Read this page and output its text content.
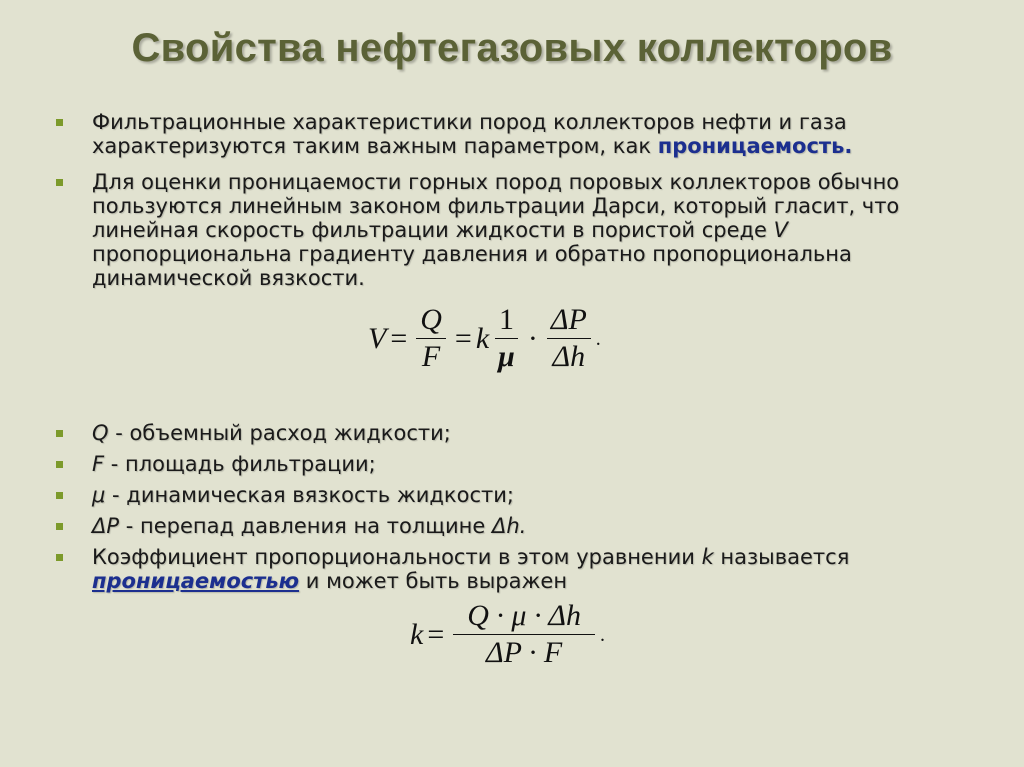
Свойства нефтегазовых коллекторов
Фильтрационные характеристики пород коллекторов нефти и газа характеризуются таким важным параметром, как проницаемость.
Для оценки проницаемости горных пород поровых коллекторов обычно пользуются линейным законом фильтрации Дарси, который гласит, что линейная скорость фильтрации жидкости в пористой среде V пропорциональна градиенту давления и обратно пропорциональна динамической вязкости.
$V = \frac{Q}{F} = k \frac{1}{\mu} \cdot \frac{\Delta P}{\Delta h}$ .
Q - объемный расход жидкости;
F - площадь фильтрации;
μ - динамическая вязкость жидкости;
ΔP - перепад давления на толщине Δh.
Коэффициент пропорциональности в этом уравнении k называется проницаемостью и может быть выражен
$k = \frac{Q \cdot \mu \cdot \Delta h}{\Delta P \cdot F}$ .
